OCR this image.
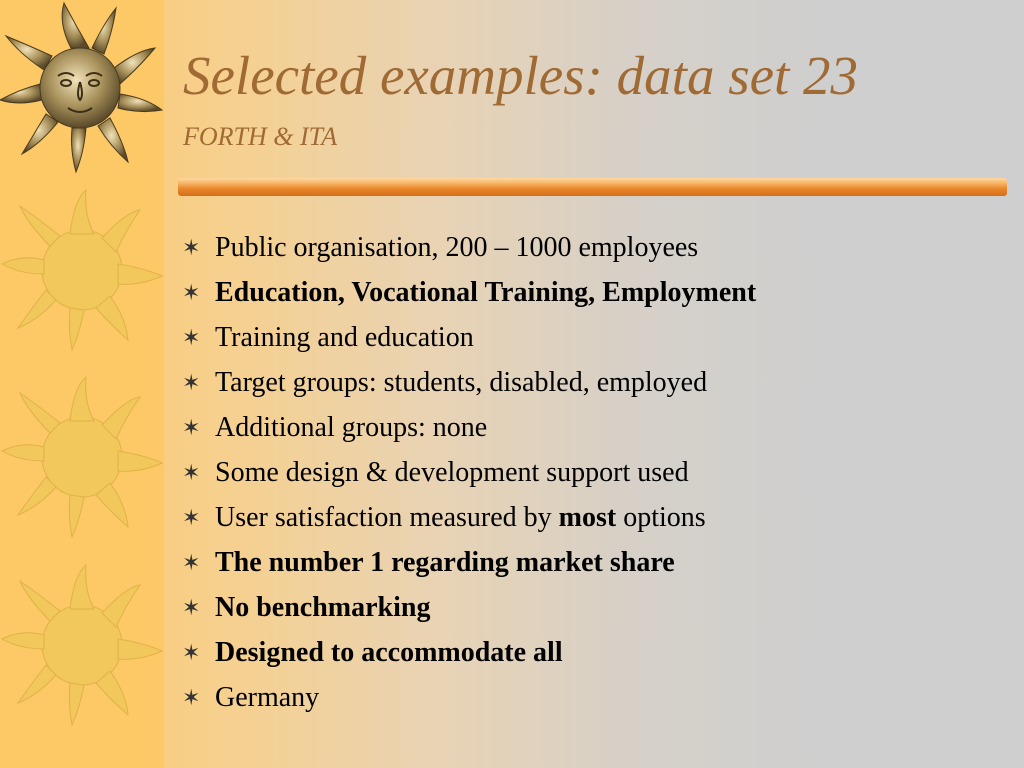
Selected examples: data set 23
FORTH & ITA
✶ Public organisation, 200 – 1000 employees
✶ Education, Vocational Training, Employment
✶ Training and education
✶ Target groups: students, disabled, employed
✶ Additional groups: none
✶ Some design & development support used
✶ User satisfaction measured by most options
✶ The number 1 regarding market share
✶ No benchmarking
✶ Designed to accommodate all
✶ Germany
